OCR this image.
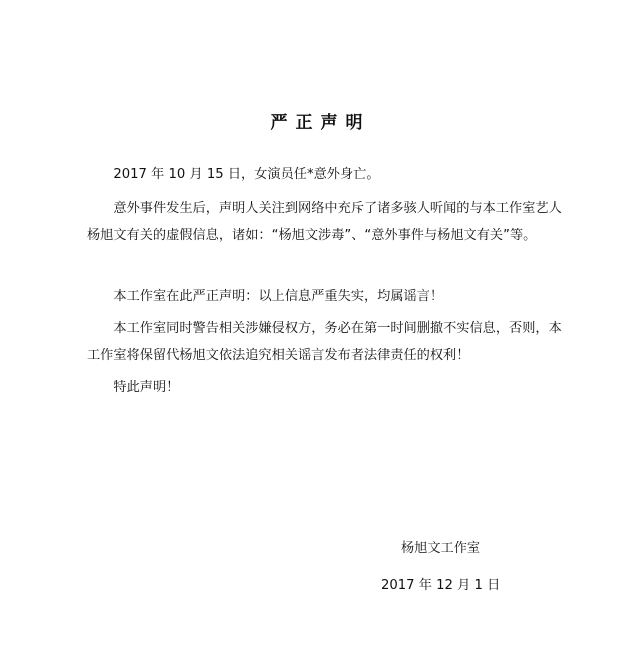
严正声明

2017 年 10 月 15 日，女演员任*意外身亡。

意外事件发生后，声明人关注到网络中充斥了诸多骇人听闻的与本工作室艺人杨旭文有关的虚假信息，诸如：“杨旭文涉毒”、“意外事件与杨旭文有关”等。

本工作室在此严正声明：以上信息严重失实，均属谣言！

本工作室同时警告相关涉嫌侵权方，务必在第一时间删撤不实信息，否则，本工作室将保留代杨旭文依法追究相关谣言发布者法律责任的权利！

特此声明！

杨旭文工作室
2017 年 12 月 1 日
